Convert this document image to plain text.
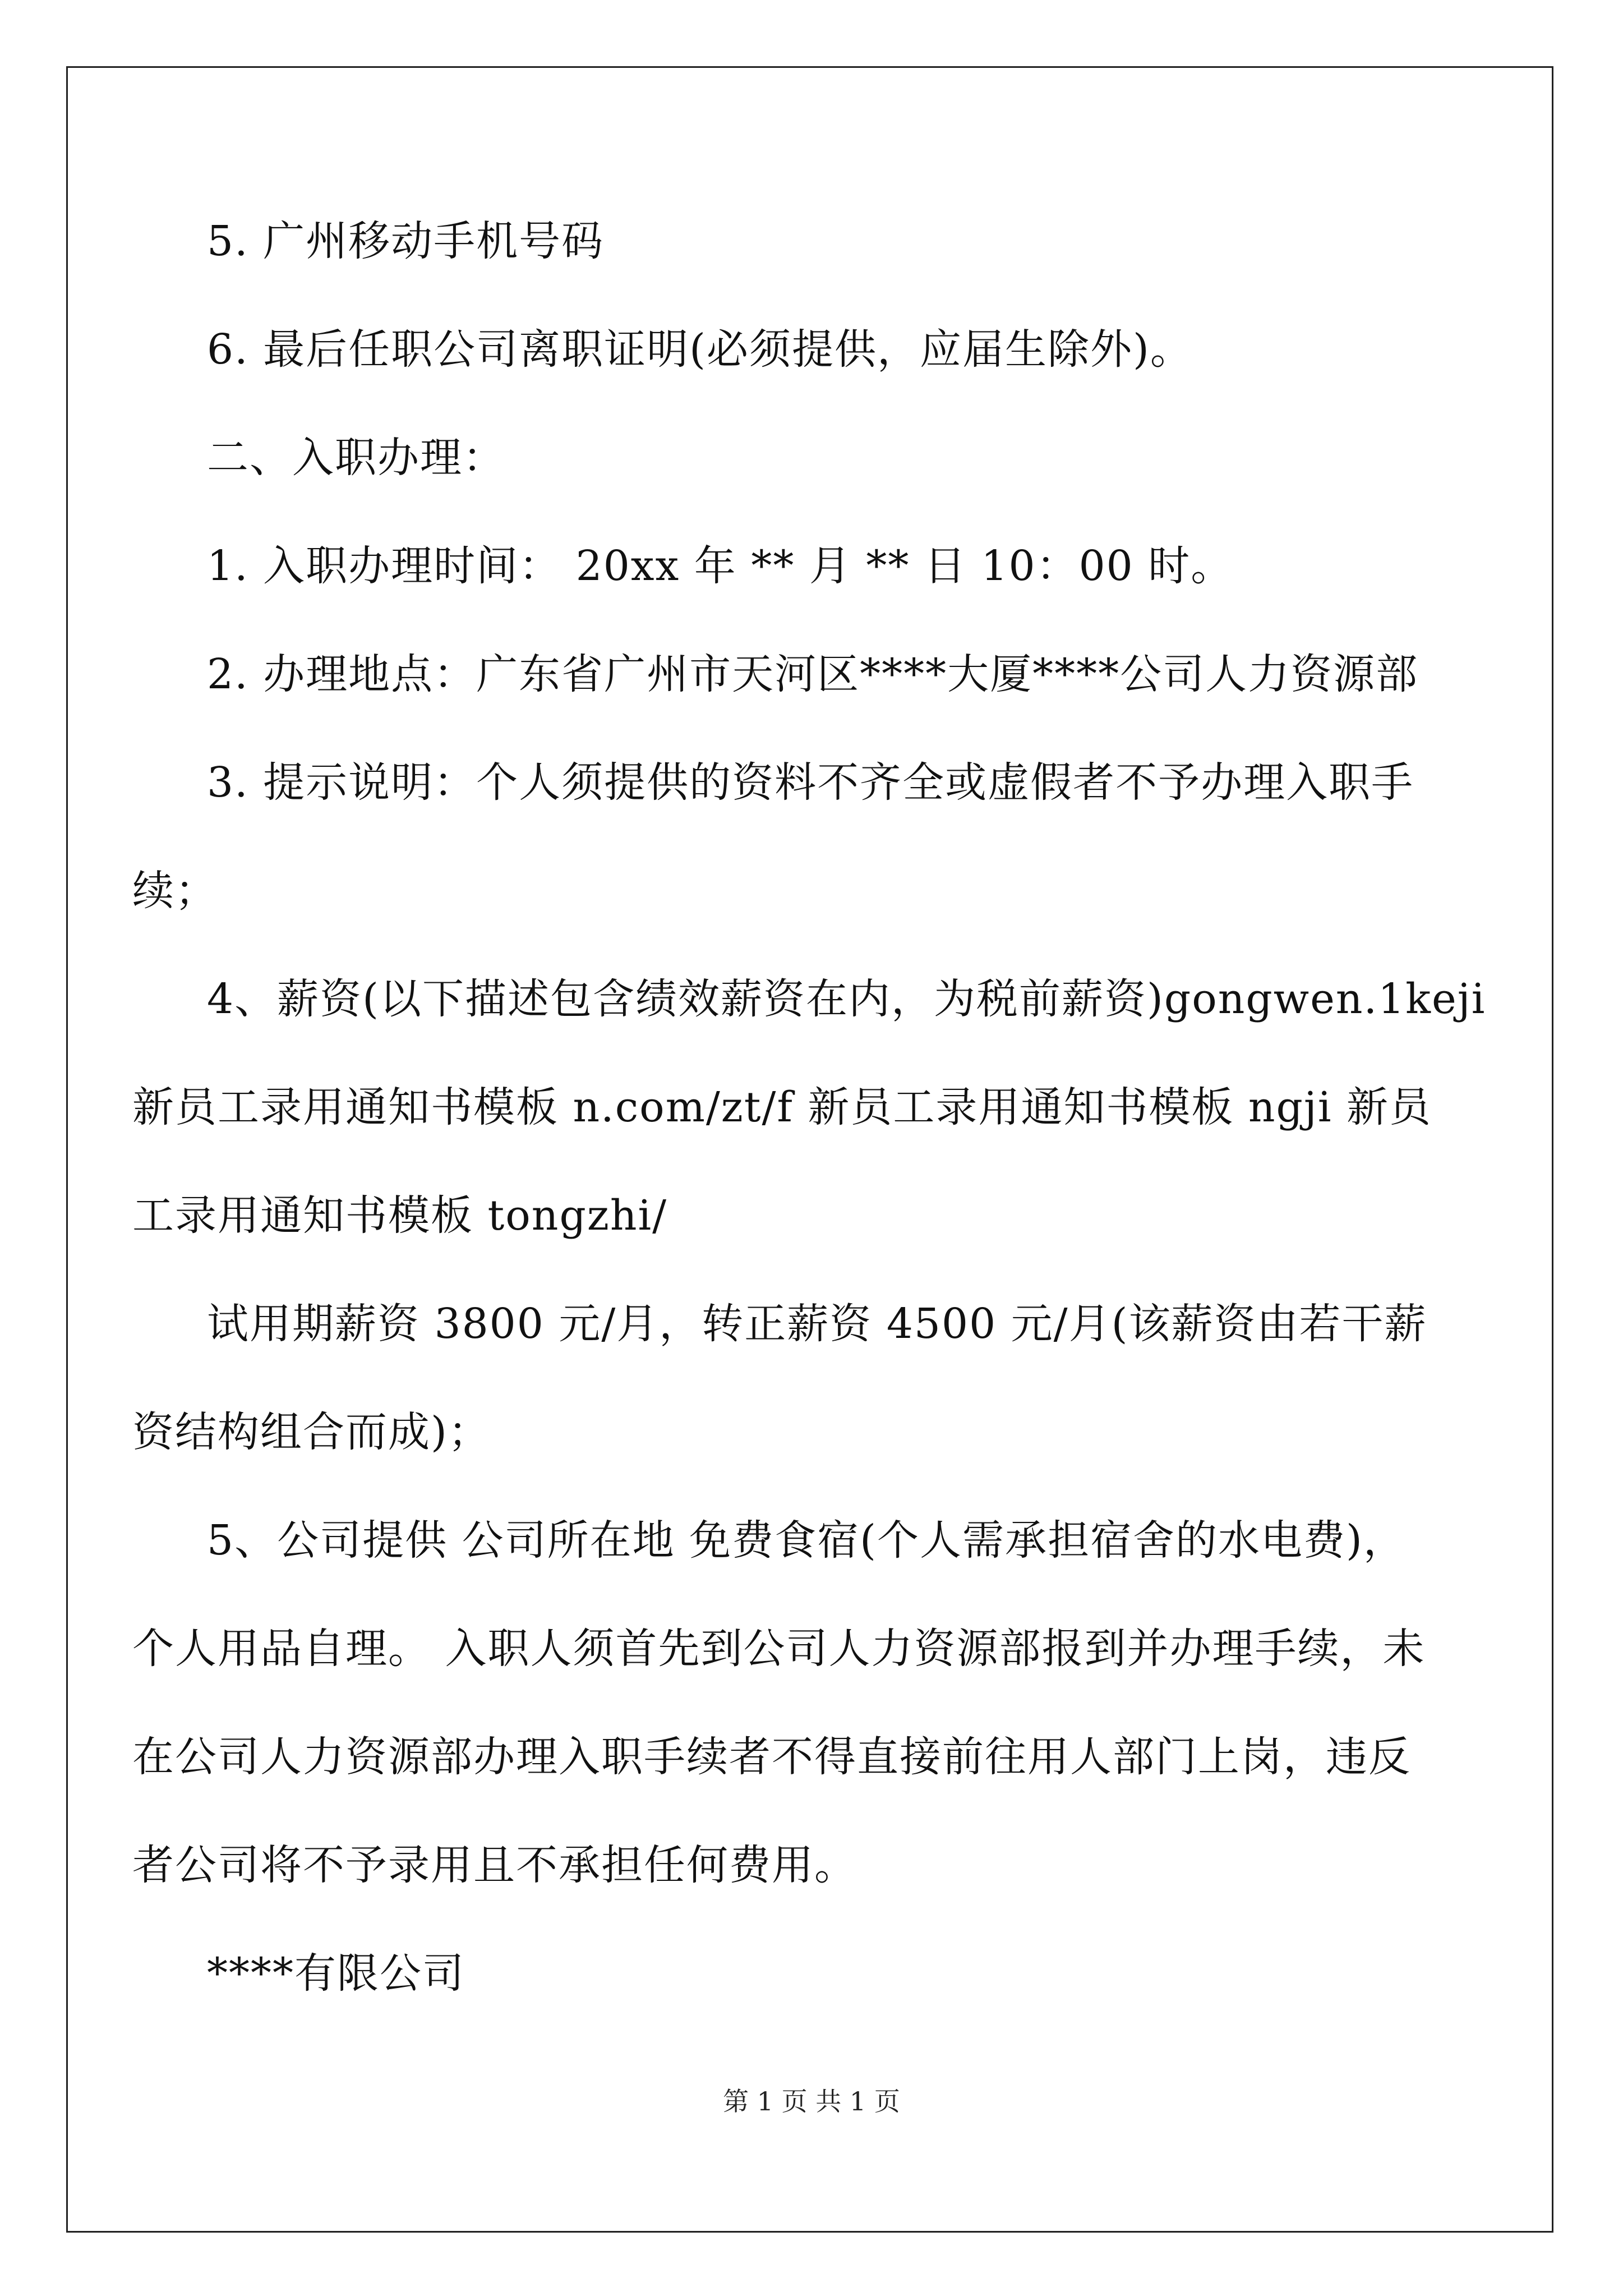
5. 广州移动手机号码
6. 最后任职公司离职证明(必须提供，应届生除外)。
二、入职办理：
1. 入职办理时间： 20xx 年 ** 月 ** 日 10：00 时。
2. 办理地点：广东省广州市天河区****大厦****公司人力资源部
3. 提示说明：个人须提供的资料不齐全或虚假者不予办理入职手
续；
4、薪资(以下描述包含绩效薪资在内，为税前薪资)gongwen.1keji
新员工录用通知书模板 n.com/zt/f 新员工录用通知书模板 ngji 新员
工录用通知书模板 tongzhi/
试用期薪资 3800 元/月，转正薪资 4500 元/月(该薪资由若干薪
资结构组合而成)；
5、公司提供 公司所在地 免费食宿(个人需承担宿舍的水电费)，
个人用品自理。 入职人须首先到公司人力资源部报到并办理手续，未
在公司人力资源部办理入职手续者不得直接前往用人部门上岗，违反
者公司将不予录用且不承担任何费用。
****有限公司
第 1 页 共 1 页
